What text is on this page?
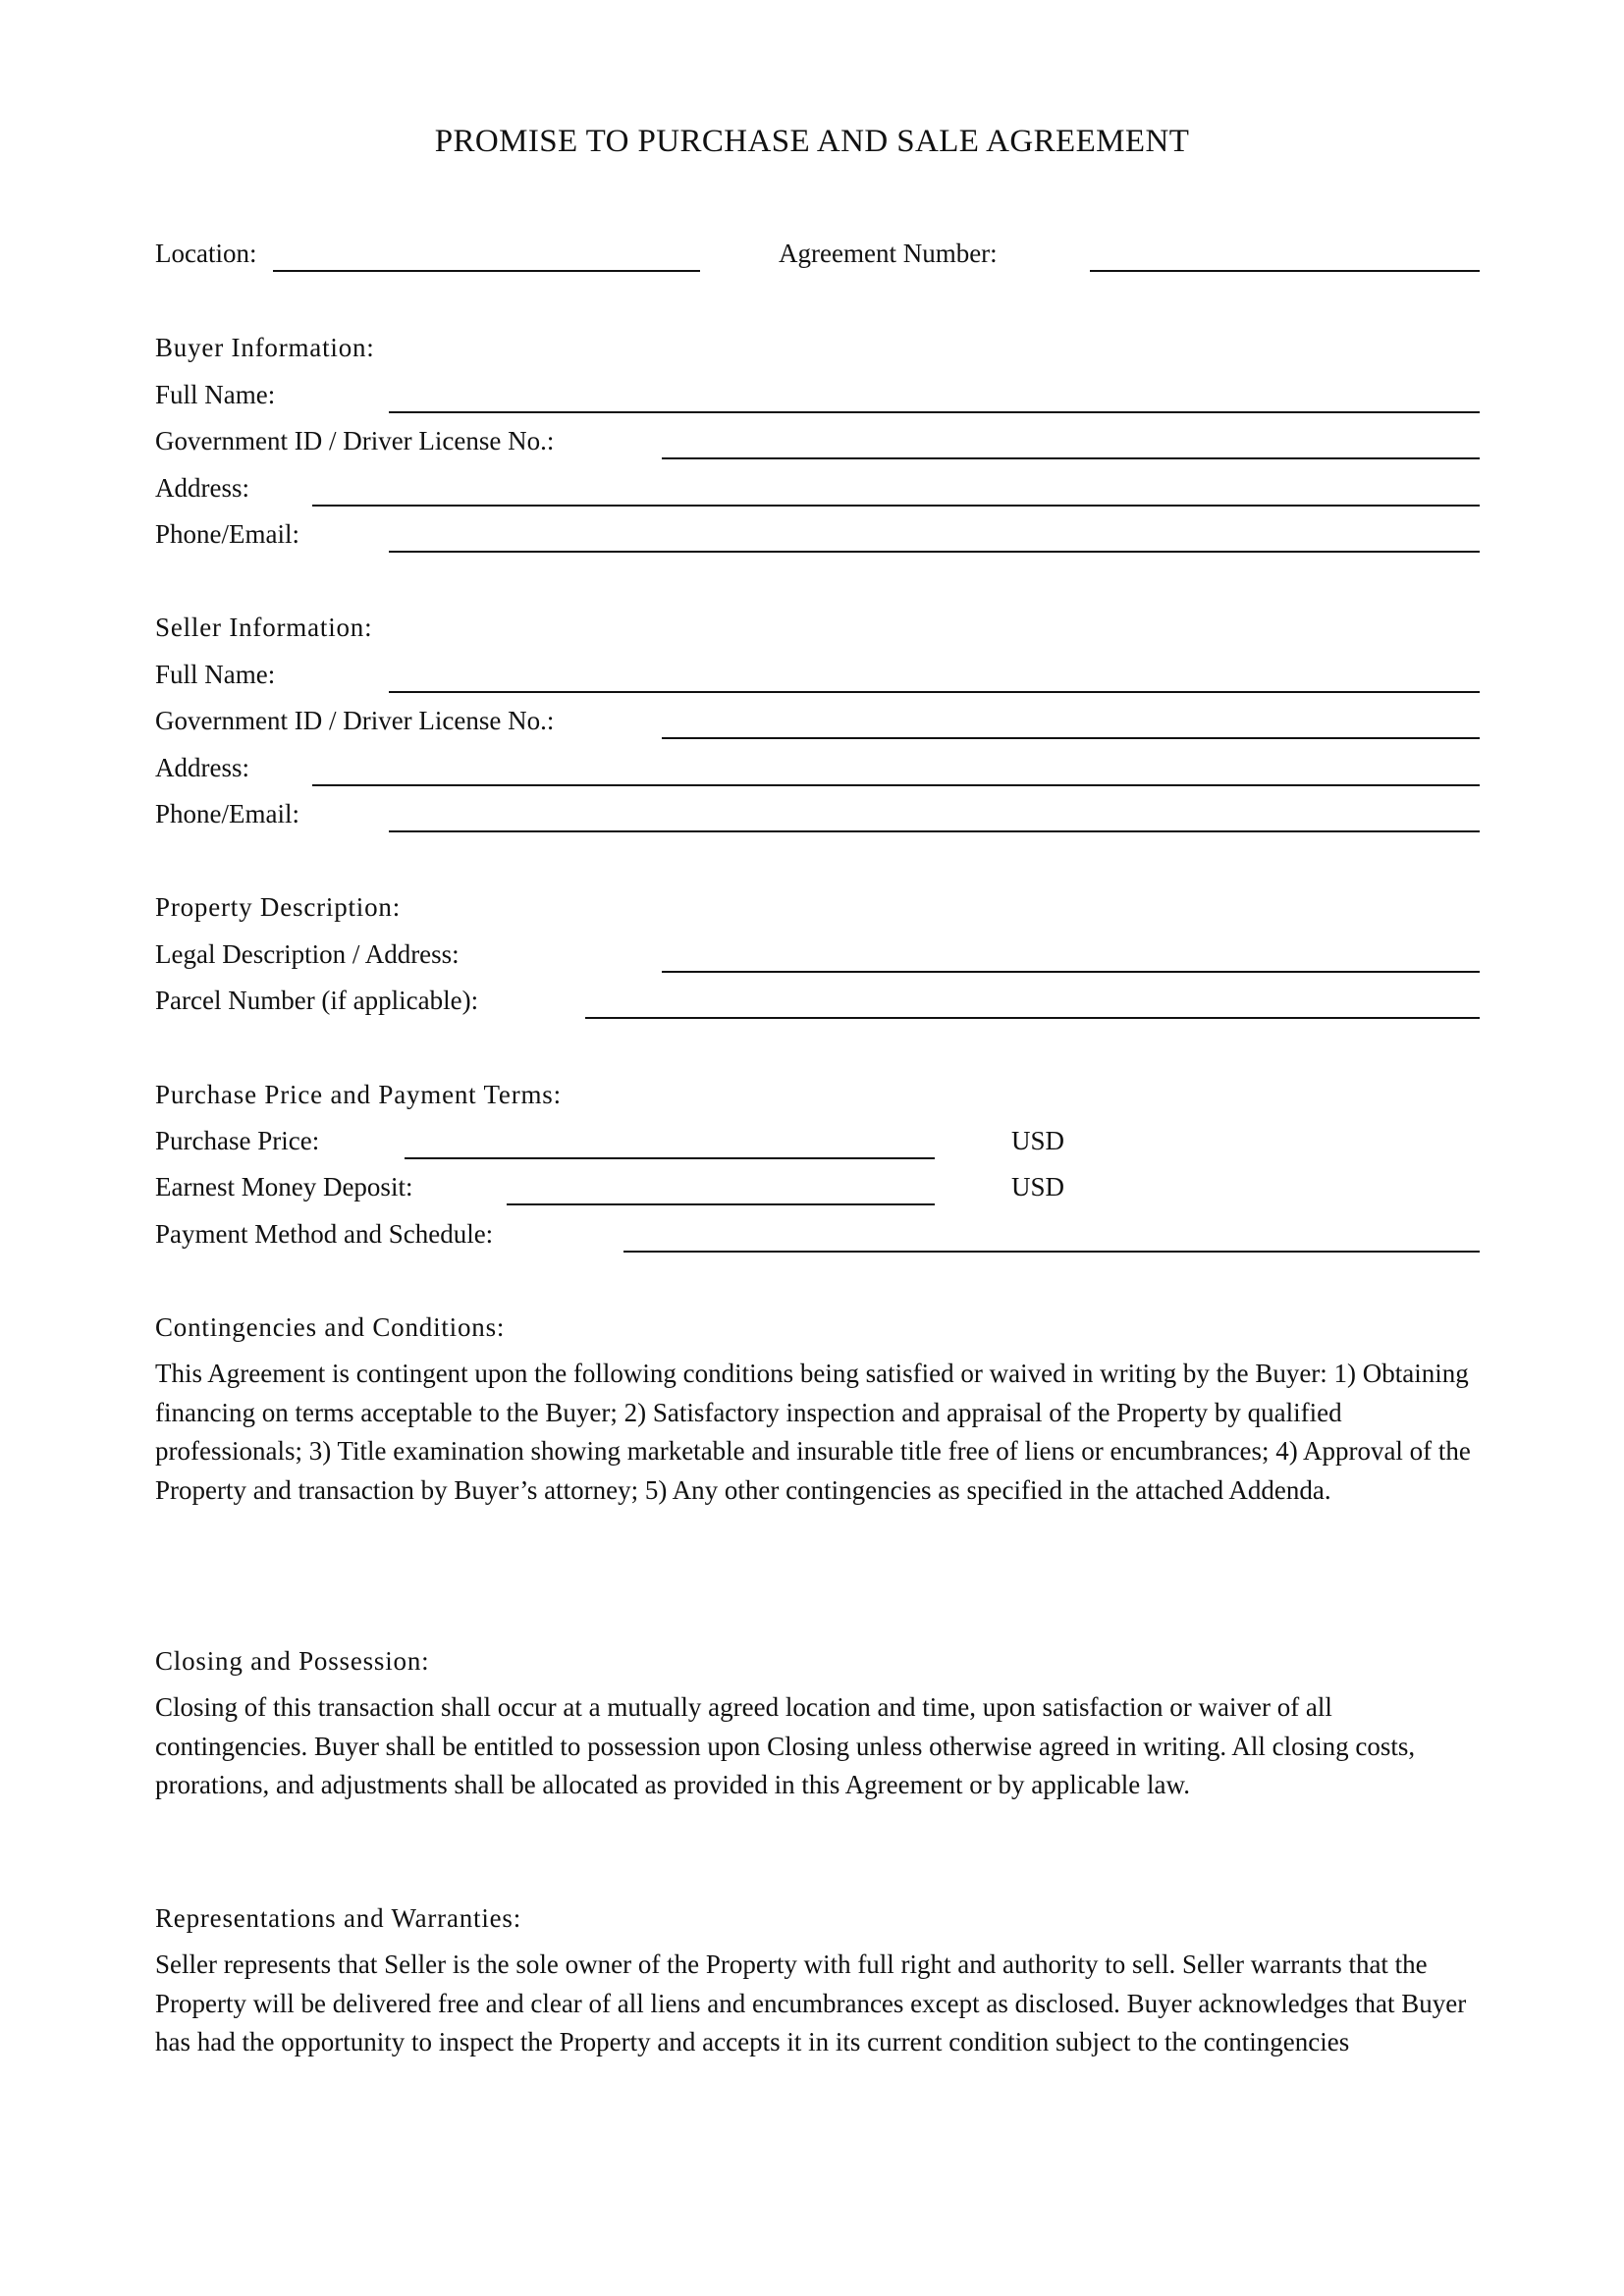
PROMISE TO PURCHASE AND SALE AGREEMENT
Location:	Agreement Number:
Buyer Information:
Full Name:
Government ID / Driver License No.:
Address:
Phone/Email:
Seller Information:
Full Name:
Government ID / Driver License No.:
Address:
Phone/Email:
Property Description:
Legal Description / Address:
Parcel Number (if applicable):
Purchase Price and Payment Terms:
Purchase Price:	USD
Earnest Money Deposit:	USD
Payment Method and Schedule:
Contingencies and Conditions:

This Agreement is contingent upon the following conditions being satisfied or waived in writing by the Buyer: 1) Obtaining financing on terms acceptable to the Buyer; 2) Satisfactory inspection and appraisal of the Property by qualified professionals; 3) Title examination showing marketable and insurable title free of liens or encumbrances; 4) Approval of the Property and transaction by Buyer’s attorney; 5) Any other contingencies as specified in the attached Addenda.

Closing and Possession:

Closing of this transaction shall occur at a mutually agreed location and time, upon satisfaction or waiver of all contingencies. Buyer shall be entitled to possession upon Closing unless otherwise agreed in writing. All closing costs, prorations, and adjustments shall be allocated as provided in this Agreement or by applicable law.

Representations and Warranties:

Seller represents that Seller is the sole owner of the Property with full right and authority to sell. Seller warrants that the Property will be delivered free and clear of all liens and encumbrances except as disclosed. Buyer acknowledges that Buyer has had the opportunity to inspect the Property and accepts it in its current condition subject to the contingencies
